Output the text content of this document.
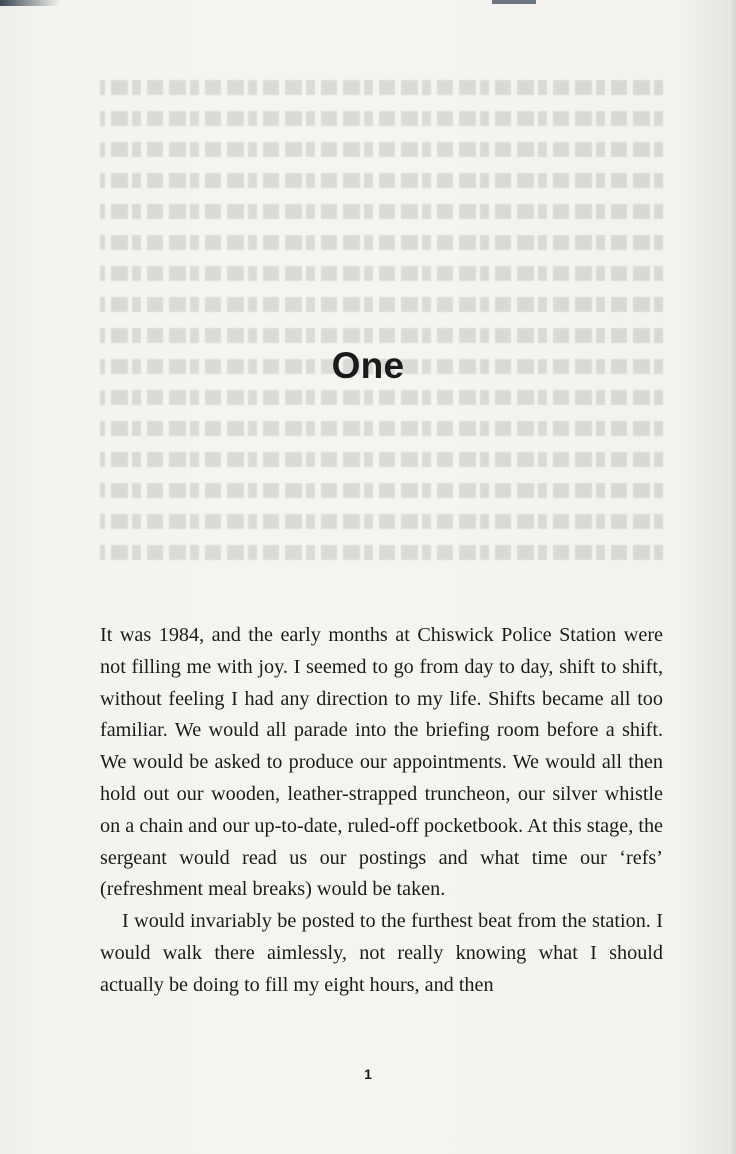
One

It was 1984, and the early months at Chiswick Police Station were not filling me with joy. I seemed to go from day to day, shift to shift, without feeling I had any direction to my life. Shifts became all too familiar. We would all parade into the briefing room before a shift. We would be asked to produce our appointments. We would all then hold out our wooden, leather-strapped truncheon, our silver whistle on a chain and our up-to-date, ruled-off pocketbook. At this stage, the sergeant would read us our postings and what time our ‘refs’ (refreshment meal breaks) would be taken.

I would invariably be posted to the furthest beat from the station. I would walk there aimlessly, not really knowing what I should actually be doing to fill my eight hours, and then

1
